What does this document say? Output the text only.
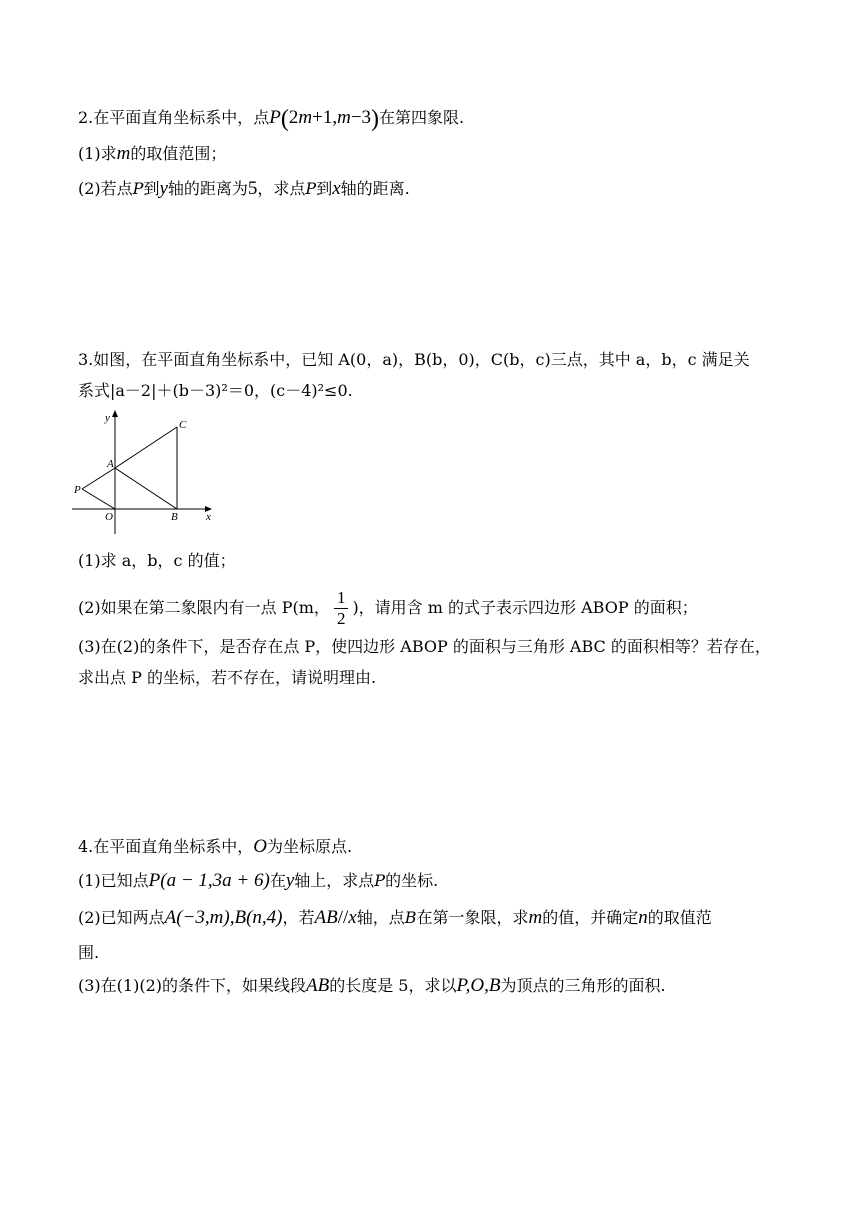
2.在平面直角坐标系中，点P(2m+1,m−3)在第四象限.
(1)求m的取值范围；
(2)若点P到y轴的距离为5，求点P到x轴的距离.
3.如图，在平面直角坐标系中，已知 A(0，a)，B(b，0)，C(b，c)三点，其中 a，b，c 满足关
系式|a－2|＋(b－3)²＝0，(c－4)²≤0.
y
x
C
A
P
O	B
(1)求 a，b，c 的值；
(2)如果在第二象限内有一点 P(m， $\frac{1}{2}$ )，请用含 m 的式子表示四边形 ABOP 的面积；
(3)在(2)的条件下，是否存在点 P，使四边形 ABOP 的面积与三角形 ABC 的面积相等？若存在，
求出点 P 的坐标，若不存在，请说明理由.
4.在平面直角坐标系中，O为坐标原点.
(1)已知点P(a − 1,3a + 6)在y轴上，求点P的坐标.
(2)已知两点A(−3,m),B(n,4)，若AB//x轴，点B在第一象限，求m的值，并确定n的取值范
围.
(3)在(1)(2)的条件下，如果线段AB的长度是 5，求以P,O,B为顶点的三角形的面积.
